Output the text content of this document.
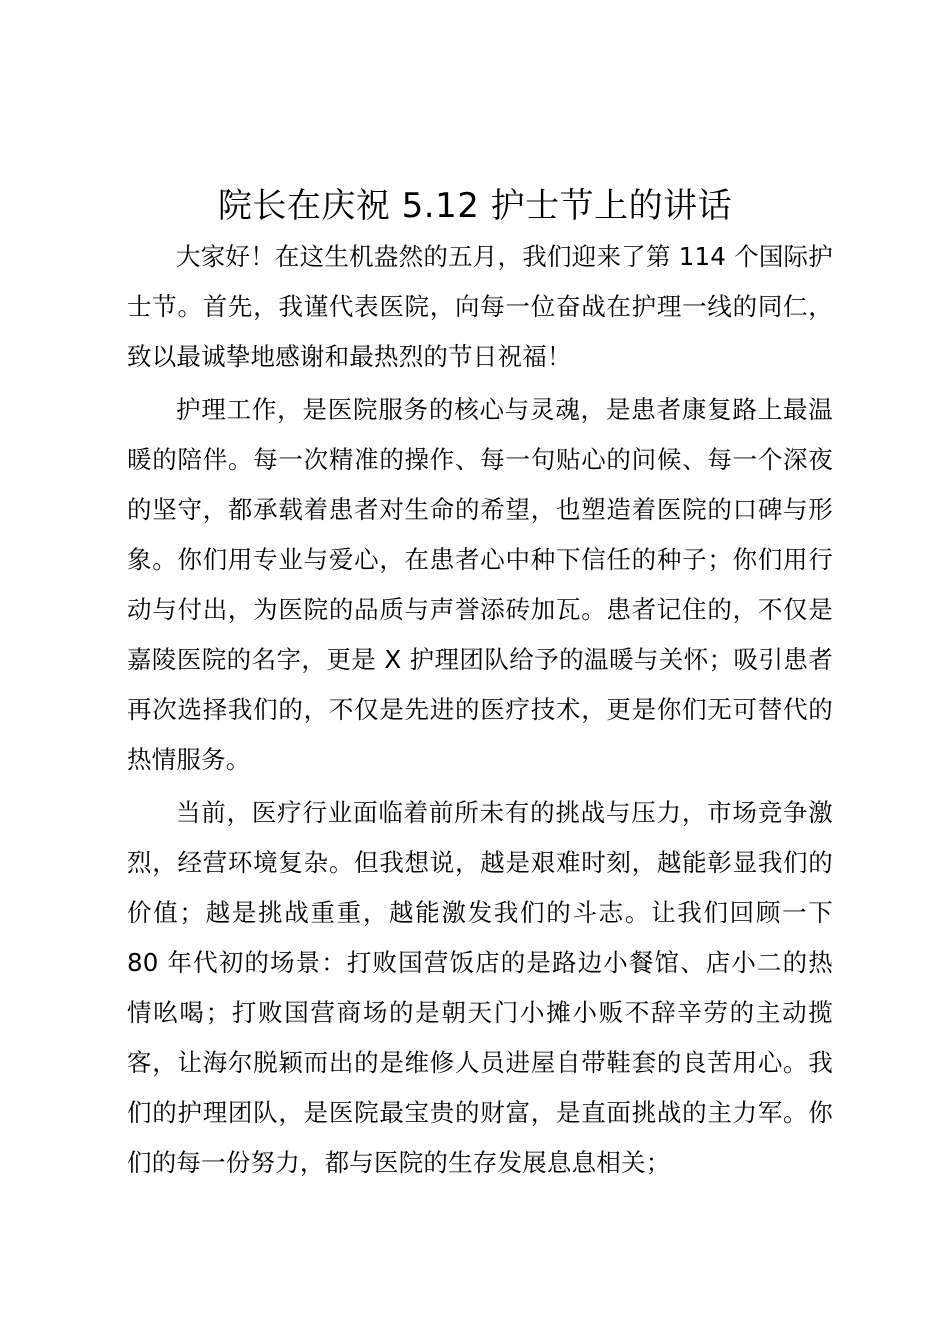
院长在庆祝 5.12 护士节上的讲话

大家好！在这生机盎然的五月，我们迎来了第 114 个国际护士节。首先，我谨代表医院，向每一位奋战在护理一线的同仁，致以最诚挚地感谢和最热烈的节日祝福！

护理工作，是医院服务的核心与灵魂，是患者康复路上最温暖的陪伴。每一次精准的操作、每一句贴心的问候、每一个深夜的坚守，都承载着患者对生命的希望，也塑造着医院的口碑与形象。你们用专业与爱心，在患者心中种下信任的种子；你们用行动与付出，为医院的品质与声誉添砖加瓦。患者记住的，不仅是嘉陵医院的名字，更是 X 护理团队给予的温暖与关怀；吸引患者再次选择我们的，不仅是先进的医疗技术，更是你们无可替代的热情服务。

当前，医疗行业面临着前所未有的挑战与压力，市场竞争激烈，经营环境复杂。但我想说，越是艰难时刻，越能彰显我们的价值；越是挑战重重，越能激发我们的斗志。让我们回顾一下 80 年代初的场景：打败国营饭店的是路边小餐馆、店小二的热情吆喝；打败国营商场的是朝天门小摊小贩不辞辛劳的主动揽客，让海尔脱颖而出的是维修人员进屋自带鞋套的良苦用心。我们的护理团队，是医院最宝贵的财富，是直面挑战的主力军。你们的每一份努力，都与医院的生存发展息息相关；
